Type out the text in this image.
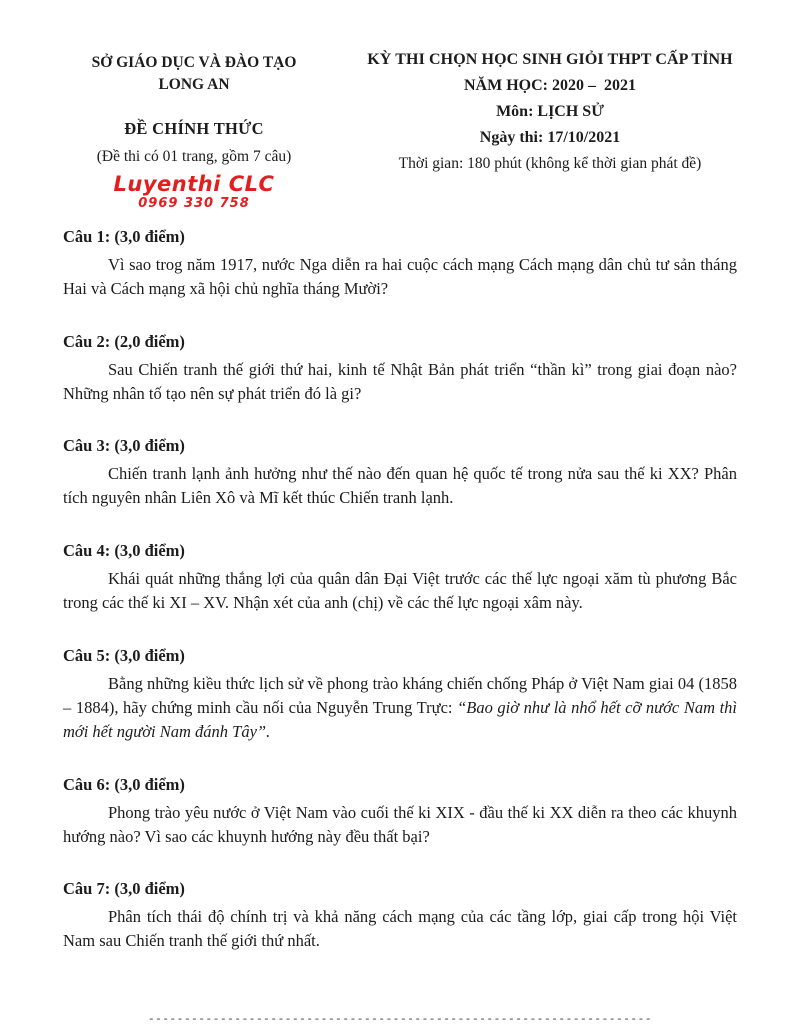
SỞ GIÁO DỤC VÀ ĐÀO TẠO
LONG AN
ĐỀ CHÍNH THỨC
(Đề thi có 01 trang, gồm 7 câu)
Luyenthi CLC
0969 330 758
KỲ THI CHỌN HỌC SINH GIỎI THPT CẤP TỈNH
NĂM HỌC: 2020 –  2021
Môn: LỊCH SỬ
Ngày thi: 17/10/2021
Thời gian: 180 phút (không kể thời gian phát đề)
Câu 1: (3,0 điểm)

Vì sao trog năm 1917, nước Nga diễn ra hai cuộc cách mạng Cách mạng dân chủ tư sản tháng Hai và Cách mạng xã hội chủ nghĩa tháng Mười?

Câu 2: (2,0 điểm)

Sau Chiến tranh thế giới thứ hai, kinh tế Nhật Bản phát triển “thần kì” trong giai đoạn nào? Những nhân tố tạo nên sự phát triển đó là gi?

Câu 3: (3,0 điểm)

Chiến tranh lạnh ảnh hưởng như thế nào đến quan hệ quốc tế trong nửa sau thế ki XX? Phân tích nguyên nhân Liên Xô và Mĩ kết thúc Chiến tranh lạnh.

Câu 4: (3,0 điểm)

Khái quát những thắng lợi của quân dân Đại Việt trước các thế lực ngoại xăm tù phương Bắc trong các thế ki XI – XV. Nhận xét của anh (chị) về các thế lực ngoại xâm này.

Câu 5: (3,0 điểm)

Bằng những kiều thức lịch sử về phong trào kháng chiến chống Pháp ở Việt Nam giai 04 (1858 – 1884), hãy chứng minh cầu nối của Nguyễn Trung Trực: “Bao giờ như là nhổ hết cỡ nước Nam thì mới hết người Nam đánh Tây”.

Câu 6: (3,0 điểm)

Phong trào yêu nước ở Việt Nam vào cuối thế ki XIX - đầu thế ki XX diễn ra theo các khuynh hướng nào? Vì sao các khuynh hướng này đều thất bại?

Câu 7: (3,0 điểm)

Phân tích thái độ chính trị và khả năng cách mạng của các tầng lớp, giai cấp trong hội Việt Nam sau Chiến tranh thế giới thứ nhất.

----------------------------------------------------------------------
